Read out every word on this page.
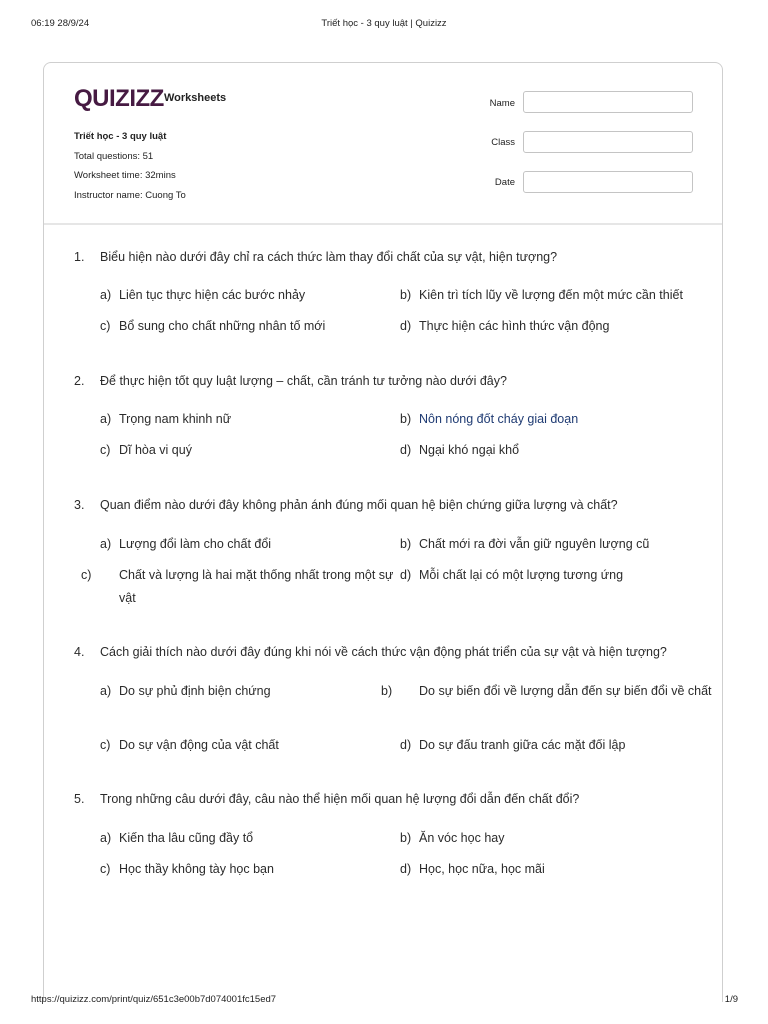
06:19 28/9/24	Triết học - 3 quy luật | Quizizz
QUIZIZZ Worksheets
Triết học - 3 quy luật
Total questions: 51
Worksheet time: 32mins
Instructor name: Cuong To
Name
Class
Date
1. Biểu hiện nào dưới đây chỉ ra cách thức làm thay đổi chất của sự vật, hiện tượng?
a) Liên tục thực hiện các bước nhảy	b) Kiên trì tích lũy về lượng đến một mức cần thiết
c) Bổ sung cho chất những nhân tố mới	d) Thực hiện các hình thức vận động
2. Để thực hiện tốt quy luật lượng – chất, cần tránh tư tưởng nào dưới đây?
a) Trọng nam khinh nữ	b) Nôn nóng đốt cháy giai đoạn
c) Dĩ hòa vi quý	d) Ngại khó ngại khổ
3. Quan điểm nào dưới đây không phản ánh đúng mối quan hệ biện chứng giữa lượng và chất?
a) Lượng đổi làm cho chất đổi	b) Chất mới ra đời vẫn giữ nguyên lượng cũ
c) Chất và lượng là hai mặt thống nhất trong một sự vật
d) Mỗi chất lại có một lượng tương ứng
4. Cách giải thích nào dưới đây đúng khi nói về cách thức vận động phát triển của sự vật và hiện tượng?
a) Do sự phủ định biện chứng	b) Do sự biến đổi về lượng dẫn đến sự biến đổi về chất
c) Do sự vận động của vật chất	d) Do sự đấu tranh giữa các mặt đối lập
5. Trong những câu dưới đây, câu nào thể hiện mối quan hệ lượng đổi dẫn đến chất đổi?
a) Kiến tha lâu cũng đầy tổ	b) Ăn vóc học hay
c) Học thầy không tày học bạn	d) Học, học nữa, học mãi
https://quizizz.com/print/quiz/651c3e00b7d074001fc15ed7	1/9
